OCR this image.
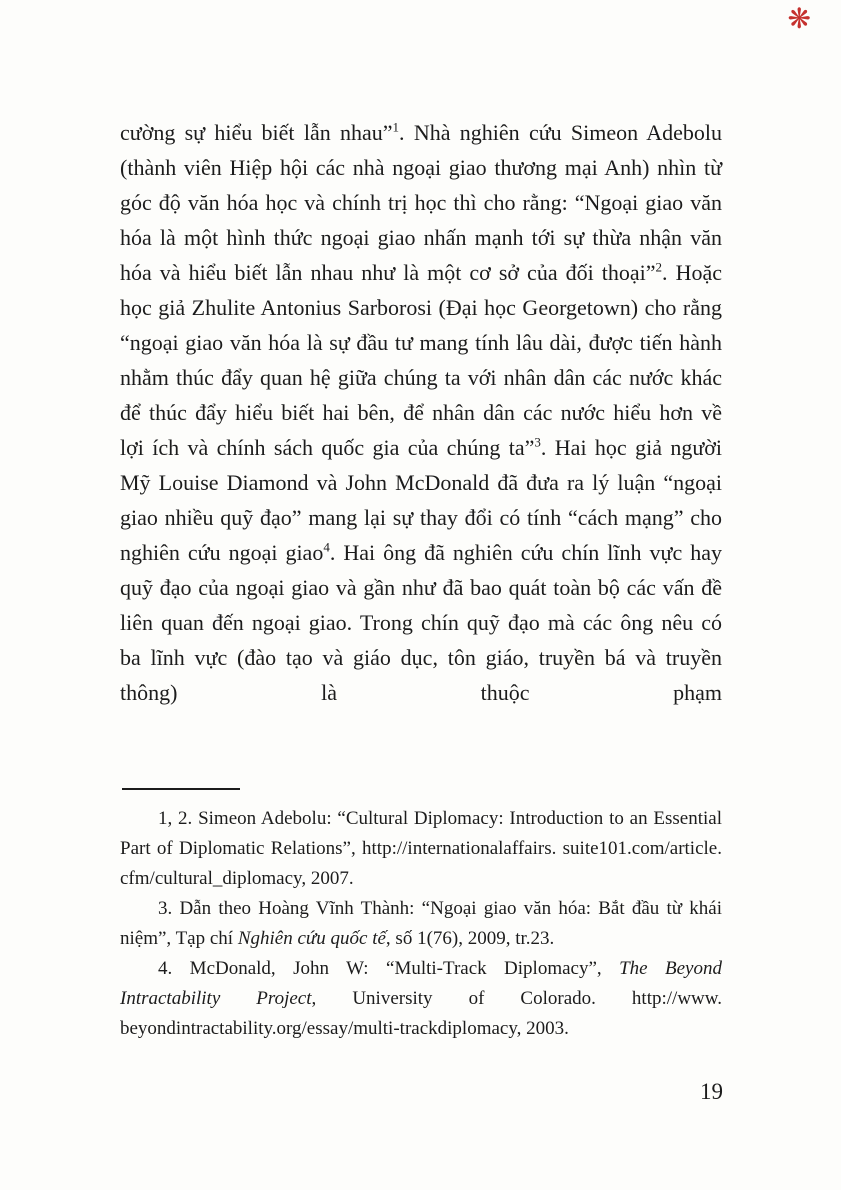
❋

cường sự hiểu biết lẫn nhau”$^1$. Nhà nghiên cứu Simeon Adebolu (thành viên Hiệp hội các nhà ngoại giao thương mại Anh) nhìn từ góc độ văn hóa học và chính trị học thì cho rằng: “Ngoại giao văn hóa là một hình thức ngoại giao nhấn mạnh tới sự thừa nhận văn hóa và hiểu biết lẫn nhau như là một cơ sở của đối thoại”$^2$. Hoặc học giả Zhulite Antonius Sarborosi (Đại học Georgetown) cho rằng “ngoại giao văn hóa là sự đầu tư mang tính lâu dài, được tiến hành nhằm thúc đẩy quan hệ giữa chúng ta với nhân dân các nước khác để thúc đẩy hiểu biết hai bên, để nhân dân các nước hiểu hơn về lợi ích và chính sách quốc gia của chúng ta”$^3$. Hai học giả người Mỹ Louise Diamond và John McDonald đã đưa ra lý luận “ngoại giao nhiều quỹ đạo” mang lại sự thay đổi có tính “cách mạng” cho nghiên cứu ngoại giao$^4$. Hai ông đã nghiên cứu chín lĩnh vực hay quỹ đạo của ngoại giao và gần như đã bao quát toàn bộ các vấn đề liên quan đến ngoại giao. Trong chín quỹ đạo mà các ông nêu có ba lĩnh vực (đào tạo và giáo dục, tôn giáo, truyền bá và truyền thông) là thuộc phạm

1, 2. Simeon Adebolu: “Cultural Diplomacy: Introduction to an Essential Part of Diplomatic Relations”, http://internationalaffairs. suite101.com/article. cfm/cultural_diplomacy, 2007.

3. Dẫn theo Hoàng Vĩnh Thành: “Ngoại giao văn hóa: Bắt đầu từ khái niệm”, Tạp chí Nghiên cứu quốc tế, số 1(76), 2009, tr.23.

4. McDonald, John W: “Multi-Track Diplomacy”, The Beyond Intractability Project, University of Colorado. http://www. beyondintractability.org/essay/multi-trackdiplomacy, 2003.

19
